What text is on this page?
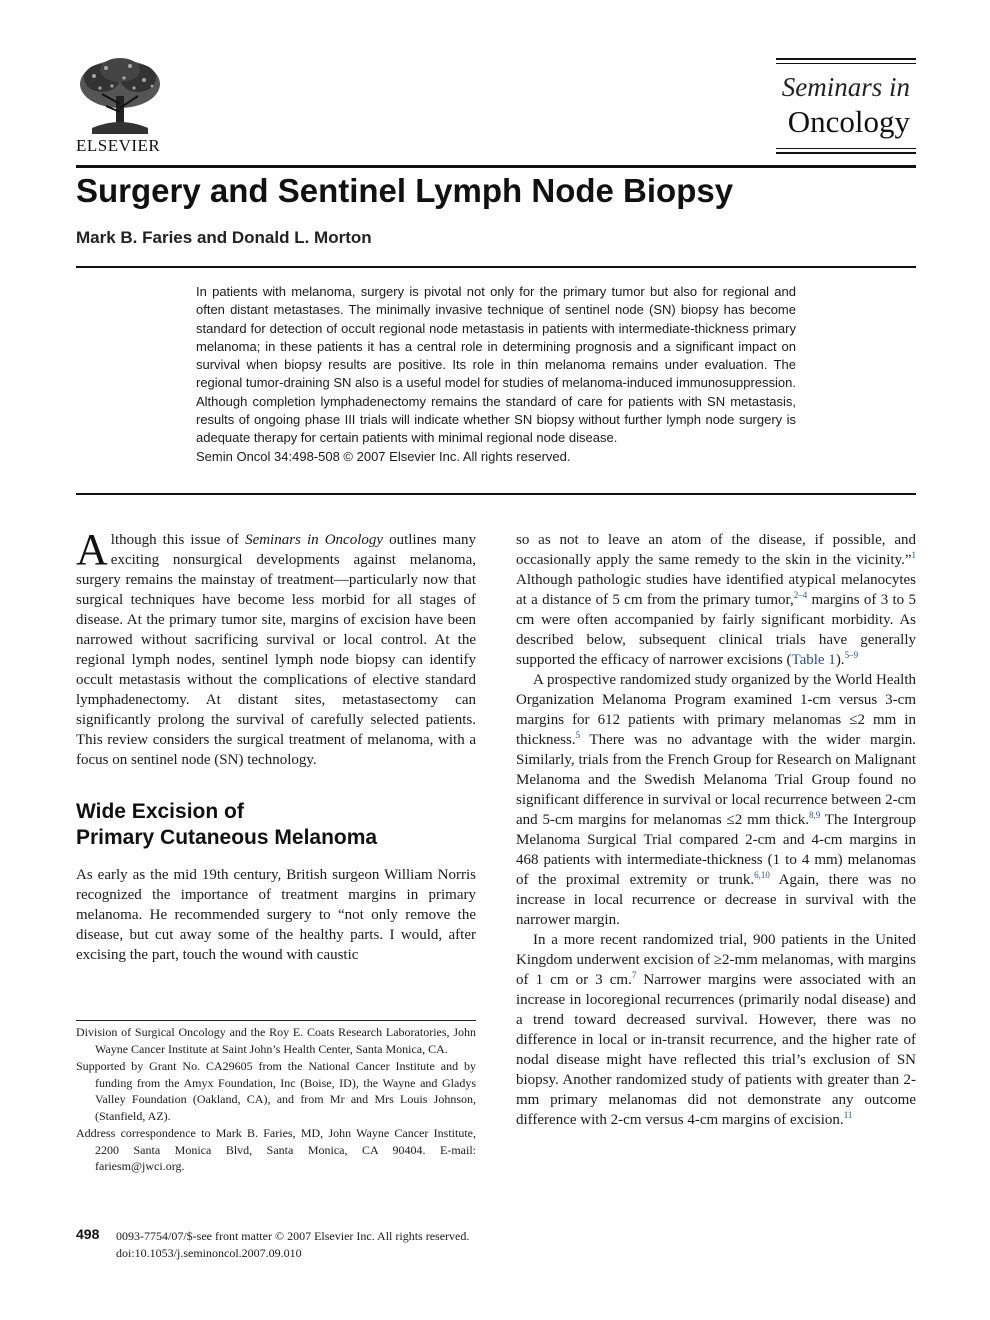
ELSEVIER
Seminars in
Oncology
Surgery and Sentinel Lymph Node Biopsy
Mark B. Faries and Donald L. Morton
In patients with melanoma, surgery is pivotal not only for the primary tumor but also for regional and often distant metastases. The minimally invasive technique of sentinel node (SN) biopsy has become standard for detection of occult regional node metastasis in patients with intermediate-thickness primary melanoma; in these patients it has a central role in determining prognosis and a significant impact on survival when biopsy results are positive. Its role in thin melanoma remains under evaluation. The regional tumor-draining SN also is a useful model for studies of melanoma-induced immunosuppression. Although completion lymphadenectomy remains the standard of care for patients with SN metastasis, results of ongoing phase III trials will indicate whether SN biopsy without further lymph node surgery is adequate therapy for certain patients with minimal regional node disease.
Semin Oncol 34:498-508 © 2007 Elsevier Inc. All rights reserved.

Although this issue of Seminars in Oncology outlines many exciting nonsurgical developments against melanoma, surgery remains the mainstay of treatment—particularly now that surgical techniques have become less morbid for all stages of disease. At the primary tumor site, margins of excision have been narrowed without sacrificing survival or local control. At the regional lymph nodes, sentinel lymph node biopsy can identify occult metastasis without the complications of elective standard lymphadenectomy. At distant sites, metastasectomy can significantly prolong the survival of carefully selected patients. This review considers the surgical treatment of melanoma, with a focus on sentinel node (SN) technology.

Wide Excision of
Primary Cutaneous Melanoma

As early as the mid 19th century, British surgeon William Norris recognized the importance of treatment margins in primary melanoma. He recommended surgery to “not only remove the disease, but cut away some of the healthy parts. I would, after excising the part, touch the wound with caustic

so as not to leave an atom of the disease, if possible, and occasionally apply the same remedy to the skin in the vicinity.”$^1$ Although pathologic studies have identified atypical melanocytes at a distance of 5 cm from the primary tumor,$^{2-4}$ margins of 3 to 5 cm were often accompanied by fairly significant morbidity. As described below, subsequent clinical trials have generally supported the efficacy of narrower excisions (Table 1).$^{5-9}$

A prospective randomized study organized by the World Health Organization Melanoma Program examined 1-cm versus 3-cm margins for 612 patients with primary melanomas ≤2 mm in thickness.$^5$ There was no advantage with the wider margin. Similarly, trials from the French Group for Research on Malignant Melanoma and the Swedish Melanoma Trial Group found no significant difference in survival or local recurrence between 2-cm and 5-cm margins for melanomas ≤2 mm thick.$^{8,9}$ The Intergroup Melanoma Surgical Trial compared 2-cm and 4-cm margins in 468 patients with intermediate-thickness (1 to 4 mm) melanomas of the proximal extremity or trunk.$^{6,10}$ Again, there was no increase in local recurrence or decrease in survival with the narrower margin.

In a more recent randomized trial, 900 patients in the United Kingdom underwent excision of ≥2-mm melanomas, with margins of 1 cm or 3 cm.$^7$ Narrower margins were associated with an increase in locoregional recurrences (primarily nodal disease) and a trend toward decreased survival. However, there was no difference in local or in-transit recurrence, and the higher rate of nodal disease might have reflected this trial’s exclusion of SN biopsy. Another randomized study of patients with greater than 2-mm primary melanomas did not demonstrate any outcome difference with 2-cm versus 4-cm margins of excision.$^{11}$

Division of Surgical Oncology and the Roy E. Coats Research Laboratories, John Wayne Cancer Institute at Saint John’s Health Center, Santa Monica, CA.

Supported by Grant No. CA29605 from the National Cancer Institute and by funding from the Amyx Foundation, Inc (Boise, ID), the Wayne and Gladys Valley Foundation (Oakland, CA), and from Mr and Mrs Louis Johnson, (Stanfield, AZ).

Address correspondence to Mark B. Faries, MD, John Wayne Cancer Institute, 2200 Santa Monica Blvd, Santa Monica, CA 90404. E-mail: fariesm@jwci.org.

498 0093-7754/07/$-see front matter © 2007 Elsevier Inc. All rights reserved.
doi:10.1053/j.seminoncol.2007.09.010
